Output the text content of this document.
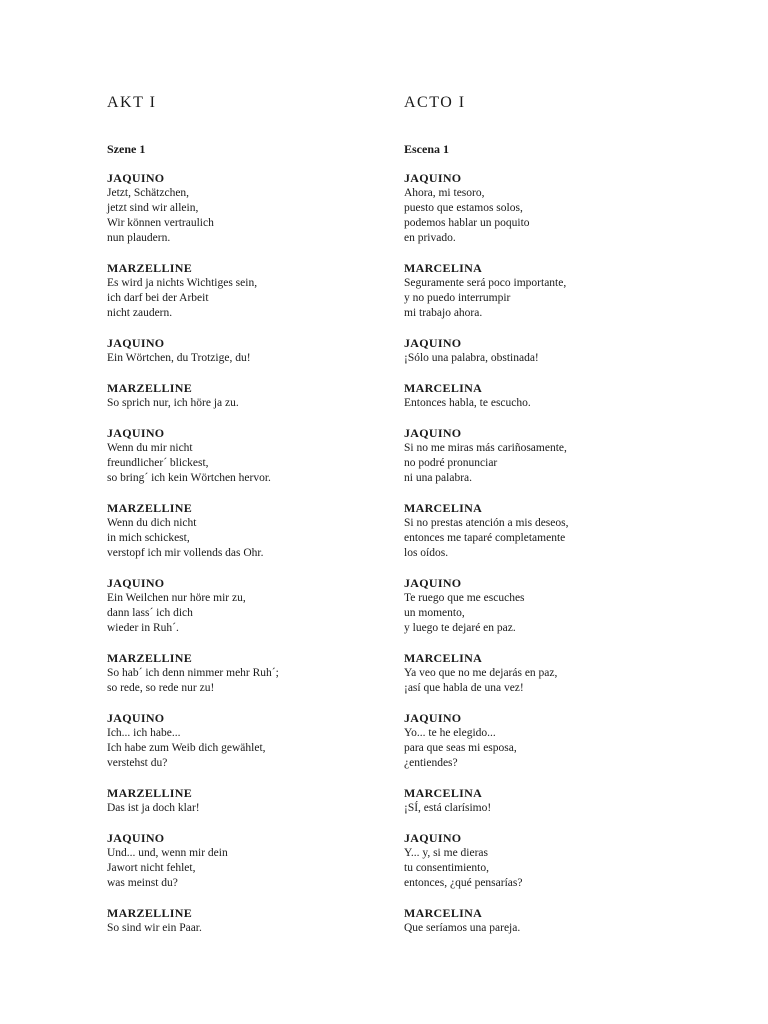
AKT I
Szene 1
JAQUINO
Jetzt, Schätzchen,
jetzt sind wir allein,
Wir können vertraulich
nun plaudern.
MARZELLINE
Es wird ja nichts Wichtiges sein,
ich darf bei der Arbeit
nicht zaudern.
JAQUINO
Ein Wörtchen, du Trotzige, du!
MARZELLINE
So sprich nur, ich höre ja zu.
JAQUINO
Wenn du mir nicht
freundlicher´ blickest,
so bring´ ich kein Wörtchen hervor.
MARZELLINE
Wenn du dich nicht
in mich schickest,
verstopf ich mir vollends das Ohr.
JAQUINO
Ein Weilchen nur höre mir zu,
dann lass´ ich dich
wieder in Ruh´.
MARZELLINE
So hab´ ich denn nimmer mehr Ruh´;
so rede, so rede nur zu!
JAQUINO
Ich... ich habe...
Ich habe zum Weib dich gewählet,
verstehst du?
MARZELLINE
Das ist ja doch klar!
JAQUINO
Und... und, wenn mir dein
Jawort nicht fehlet,
was meinst du?
MARZELLINE
So sind wir ein Paar.
ACTO I
Escena 1
JAQUINO
Ahora, mi tesoro,
puesto que estamos solos,
podemos hablar un poquito
en privado.
MARCELINA
Seguramente será poco importante,
y no puedo interrumpir
mi trabajo ahora.
JAQUINO
¡Sólo una palabra, obstinada!
MARCELINA
Entonces habla, te escucho.
JAQUINO
Si no me miras más cariñosamente,
no podré pronunciar
ni una palabra.
MARCELINA
Si no prestas atención a mis deseos,
entonces me taparé completamente
los oídos.
JAQUINO
Te ruego que me escuches
un momento,
y luego te dejaré en paz.
MARCELINA
Ya veo que no me dejarás en paz,
¡así que habla de una vez!
JAQUINO
Yo... te he elegido...
para que seas mi esposa,
¿entiendes?
MARCELINA
¡SÍ, está clarísimo!
JAQUINO
Y... y, si me dieras
tu consentimiento,
entonces, ¿qué pensarías?
MARCELINA
Que seríamos una pareja.
